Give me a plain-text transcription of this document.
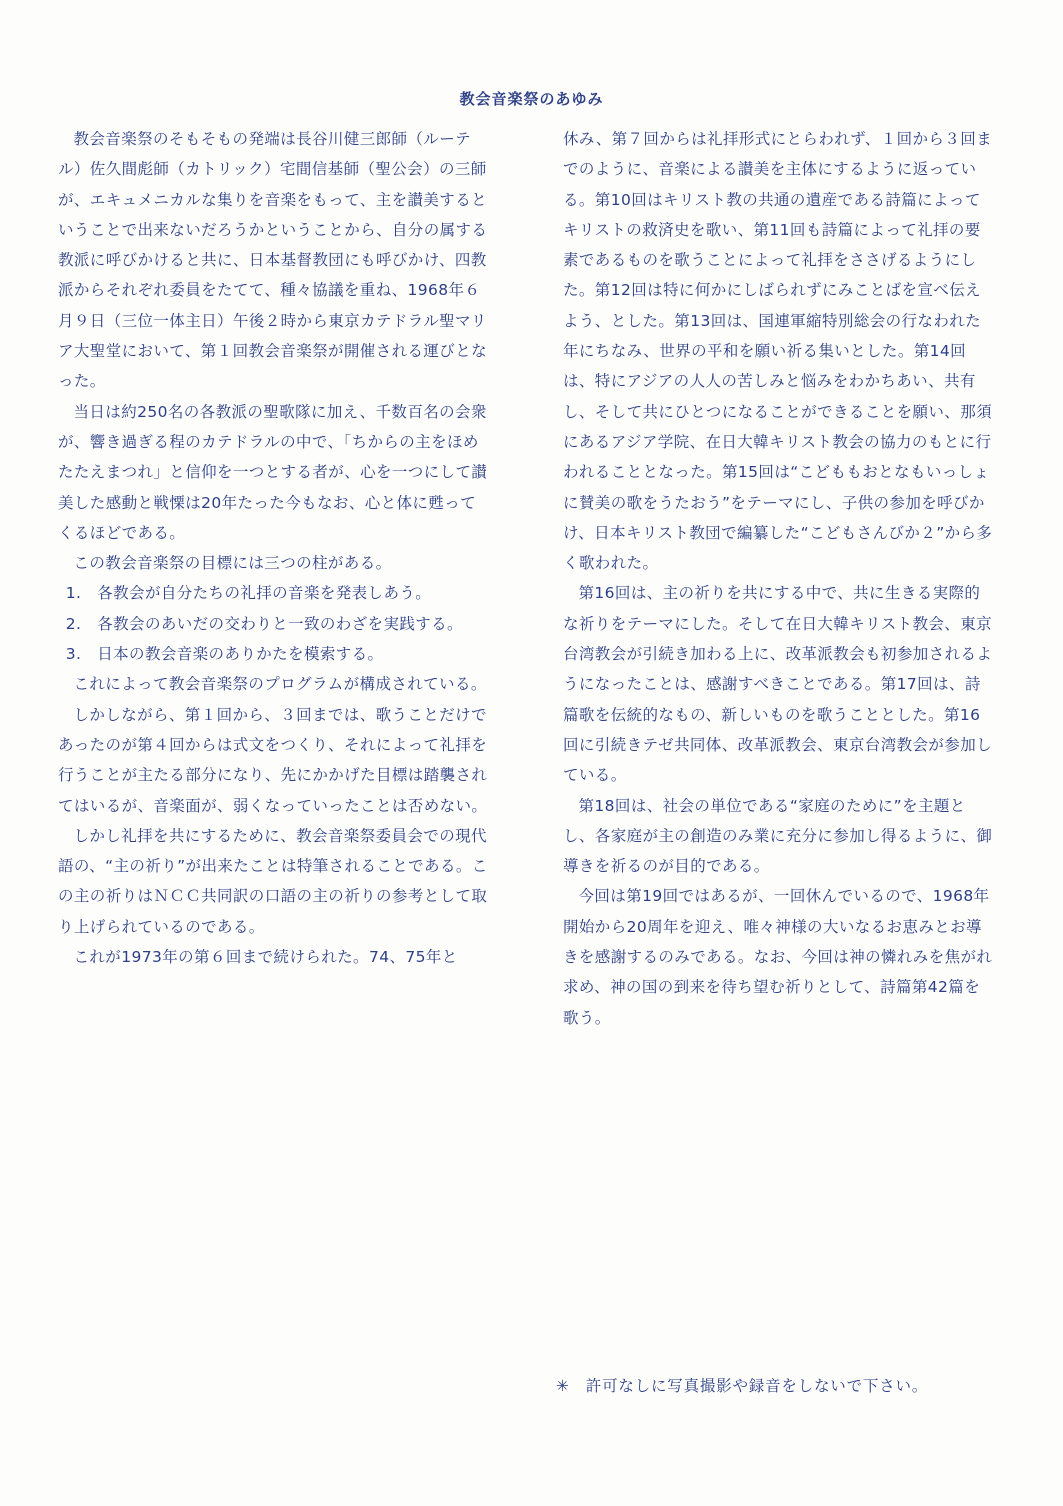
教会音楽祭のあゆみ

教会音楽祭のそもそもの発端は長谷川健三郎師（ルーテル）佐久間彪師（カトリック）宅間信基師（聖公会）の三師が、エキュメニカルな集りを音楽をもって、主を讃美するということで出来ないだろうかということから、自分の属する教派に呼びかけると共に、日本基督教団にも呼びかけ、四教派からそれぞれ委員をたてて、種々協議を重ね、1968年６月９日（三位一体主日）午後２時から東京カテドラル聖マリア大聖堂において、第１回教会音楽祭が開催される運びとなった。

当日は約250名の各教派の聖歌隊に加え、千数百名の会衆が、響き過ぎる程のカテドラルの中で、「ちからの主をほめたたえまつれ」と信仰を一つとする者が、心を一つにして讃美した感動と戦慄は20年たった今もなお、心と体に甦ってくるほどである。

この教会音楽祭の目標には三つの柱がある。

1.　各教会が自分たちの礼拝の音楽を発表しあう。

2.　各教会のあいだの交わりと一致のわざを実践する。

3.　日本の教会音楽のありかたを模索する。

これによって教会音楽祭のプログラムが構成されている。

しかしながら、第１回から、３回までは、歌うことだけであったのが第４回からは式文をつくり、それによって礼拝を行うことが主たる部分になり、先にかかげた目標は踏襲されてはいるが、音楽面が、弱くなっていったことは否めない。

しかし礼拝を共にするために、教会音楽祭委員会での現代語の、“主の祈り”が出来たことは特筆されることである。この主の祈りはＮＣＣ共同訳の口語の主の祈りの参考として取り上げられているのである。

これが1973年の第６回まで続けられた。74、75年と

休み、第７回からは礼拝形式にとらわれず、１回から３回までのように、音楽による讃美を主体にするように返っている。第10回はキリスト教の共通の遺産である詩篇によってキリストの救済史を歌い、第11回も詩篇によって礼拝の要素であるものを歌うことによって礼拝をささげるようにした。第12回は特に何かにしばられずにみことばを宣べ伝えよう、とした。第13回は、国連軍縮特別総会の行なわれた年にちなみ、世界の平和を願い祈る集いとした。第14回は、特にアジアの人人の苦しみと悩みをわかちあい、共有し、そして共にひとつになることができることを願い、那須にあるアジア学院、在日大韓キリスト教会の協力のもとに行われることとなった。第15回は“こどももおとなもいっしょに賛美の歌をうたおう”をテーマにし、子供の参加を呼びかけ、日本キリスト教団で編纂した“こどもさんびか２”から多く歌われた。

第16回は、主の祈りを共にする中で、共に生きる実際的な祈りをテーマにした。そして在日大韓キリスト教会、東京台湾教会が引続き加わる上に、改革派教会も初参加されるようになったことは、感謝すべきことである。第17回は、詩篇歌を伝統的なもの、新しいものを歌うこととした。第16回に引続きテゼ共同体、改革派教会、東京台湾教会が参加している。

第18回は、社会の単位である“家庭のために”を主題とし、各家庭が主の創造のみ業に充分に参加し得るように、御導きを祈るのが目的である。

今回は第19回ではあるが、一回休んでいるので、1968年開始から20周年を迎え、唯々神様の大いなるお恵みとお導きを感謝するのみである。なお、今回は神の憐れみを焦がれ求め、神の国の到来を待ち望む祈りとして、詩篇第42篇を歌う。

✳ 許可なしに写真撮影や録音をしないで下さい。
